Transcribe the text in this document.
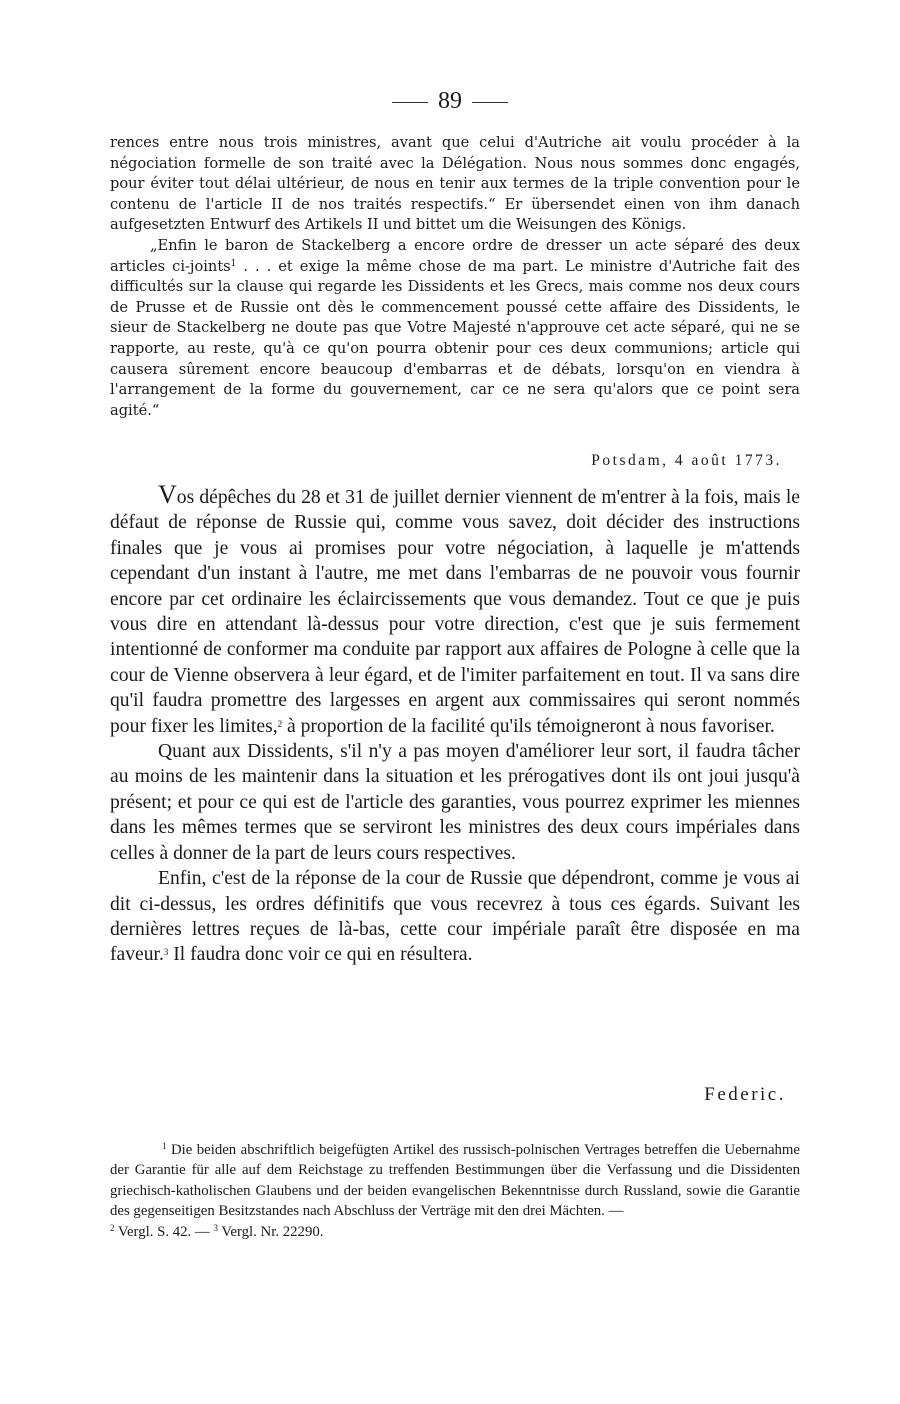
89

rences entre nous trois ministres, avant que celui d'Autriche ait voulu procéder à la négociation formelle de son traité avec la Délégation. Nous nous sommes donc engagés, pour éviter tout délai ultérieur, de nous en tenir aux termes de la triple convention pour le contenu de l'article II de nos traités respectifs.“ Er übersendet einen von ihm danach aufgesetzten Entwurf des Artikels II und bittet um die Weisungen des Königs.

„Enfin le baron de Stackelberg a encore ordre de dresser un acte séparé des deux articles ci-joints$^1$ . . . et exige la même chose de ma part. Le ministre d'Autriche fait des difficultés sur la clause qui regarde les Dissidents et les Grecs, mais comme nos deux cours de Prusse et de Russie ont dès le commencement poussé cette affaire des Dissidents, le sieur de Stackelberg ne doute pas que Votre Majesté n'approuve cet acte séparé, qui ne se rapporte, au reste, qu'à ce qu'on pourra obtenir pour ces deux communions; article qui causera sûrement encore beaucoup d'embarras et de débats, lorsqu'on en viendra à l'arrangement de la forme du gouvernement, car ce ne sera qu'alors que ce point sera agité.“

Potsdam, 4 août 1773.

Vos dépêches du 28 et 31 de juillet dernier viennent de m'entrer à la fois, mais le défaut de réponse de Russie qui, comme vous savez, doit décider des instructions finales que je vous ai promises pour votre négociation, à laquelle je m'attends cependant d'un instant à l'autre, me met dans l'embarras de ne pouvoir vous fournir encore par cet ordinaire les éclaircissements que vous demandez. Tout ce que je puis vous dire en attendant là-dessus pour votre direction, c'est que je suis fermement intentionné de conformer ma conduite par rapport aux affaires de Pologne à celle que la cour de Vienne observera à leur égard, et de l'imiter parfaitement en tout. Il va sans dire qu'il faudra promettre des largesses en argent aux commissaires qui seront nommés pour fixer les limites,$^2$ à proportion de la facilité qu'ils témoigneront à nous favoriser.

Quant aux Dissidents, s'il n'y a pas moyen d'améliorer leur sort, il faudra tâcher au moins de les maintenir dans la situation et les prérogatives dont ils ont joui jusqu'à présent; et pour ce qui est de l'article des garanties, vous pourrez exprimer les miennes dans les mêmes termes que se serviront les ministres des deux cours impériales dans celles à donner de la part de leurs cours respectives.

Enfin, c'est de la réponse de la cour de Russie que dépendront, comme je vous ai dit ci-dessus, les ordres définitifs que vous recevrez à tous ces égards. Suivant les dernières lettres reçues de là-bas, cette cour impériale paraît être disposée en ma faveur.$^3$ Il faudra donc voir ce qui en résultera.

Federic.

$^1$ Die beiden abschriftlich beigefügten Artikel des russisch-polnischen Vertrages betreffen die Uebernahme der Garantie für alle auf dem Reichstage zu treffenden Bestimmungen über die Verfassung und die Dissidenten griechisch-katholischen Glaubens und der beiden evangelischen Bekenntnisse durch Russland, sowie die Garantie des gegenseitigen Besitzstandes nach Abschluss der Verträge mit den drei Mächten. —

$^2$ Vergl. S. 42. — $^3$ Vergl. Nr. 22290.
